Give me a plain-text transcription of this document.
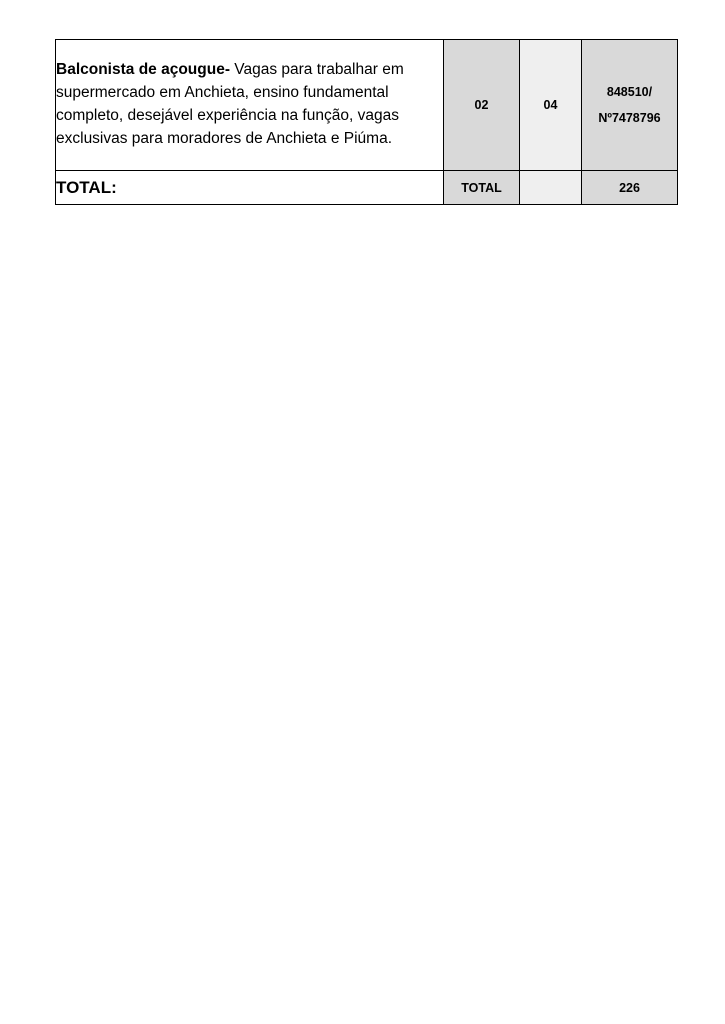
Balconista de açougue- Vagas para trabalhar em supermercado em Anchieta, ensino fundamental completo, desejável experiência na função, vagas exclusivas para moradores de Anchieta e Piúma.	02	04	848510/
Nº7478796

TOTAL:	TOTAL		226
